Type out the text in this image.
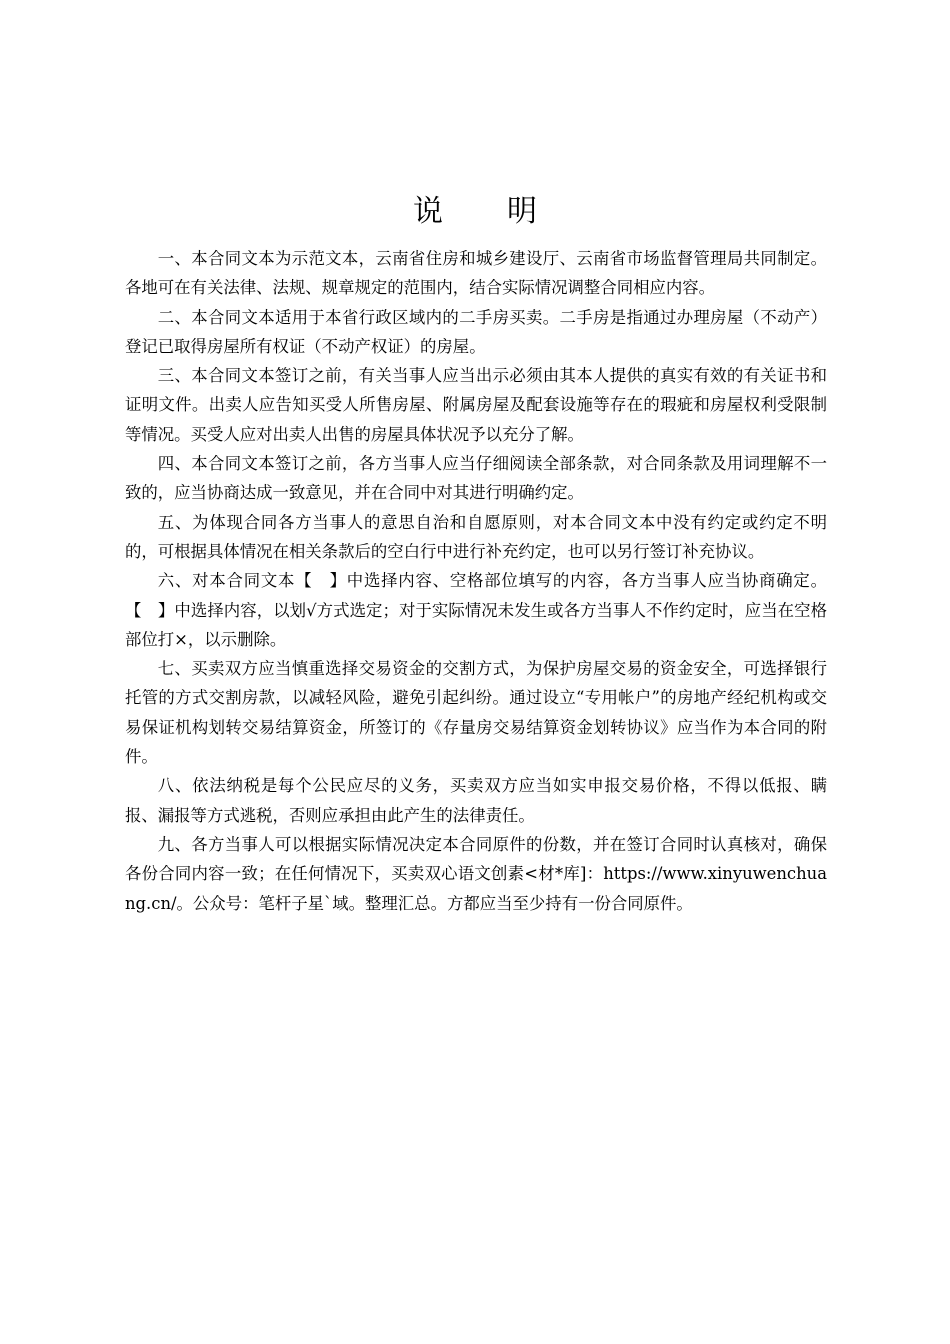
说 明

一、本合同文本为示范文本，云南省住房和城乡建设厅、云南省市场监督管理局共同制定。各地可在有关法律、法规、规章规定的范围内，结合实际情况调整合同相应内容。

二、本合同文本适用于本省行政区域内的二手房买卖。二手房是指通过办理房屋（不动产）登记已取得房屋所有权证（不动产权证）的房屋。

三、本合同文本签订之前，有关当事人应当出示必须由其本人提供的真实有效的有关证书和证明文件。出卖人应告知买受人所售房屋、附属房屋及配套设施等存在的瑕疵和房屋权利受限制等情况。买受人应对出卖人出售的房屋具体状况予以充分了解。

四、本合同文本签订之前，各方当事人应当仔细阅读全部条款，对合同条款及用词理解不一致的，应当协商达成一致意见，并在合同中对其进行明确约定。

五、为体现合同各方当事人的意思自治和自愿原则，对本合同文本中没有约定或约定不明的，可根据具体情况在相关条款后的空白行中进行补充约定，也可以另行签订补充协议。

六、对本合同文本【　】中选择内容、空格部位填写的内容，各方当事人应当协商确定。【　】中选择内容，以划√方式选定；对于实际情况未发生或各方当事人不作约定时，应当在空格部位打×，以示删除。

七、买卖双方应当慎重选择交易资金的交割方式，为保护房屋交易的资金安全，可选择银行托管的方式交割房款，以减轻风险，避免引起纠纷。通过设立“专用帐户”的房地产经纪机构或交易保证机构划转交易结算资金，所签订的《存量房交易结算资金划转协议》应当作为本合同的附件。

八、依法纳税是每个公民应尽的义务，买卖双方应当如实申报交易价格，不得以低报、瞒报、漏报等方式逃税，否则应承担由此产生的法律责任。

九、各方当事人可以根据实际情况决定本合同原件的份数，并在签订合同时认真核对，确保各份合同内容一致；在任何情况下，买卖双心语文创素<材*库]：https://www.xinyuwenchuang.cn/。公众号：笔杆子星`域。整理汇总。方都应当至少持有一份合同原件。
